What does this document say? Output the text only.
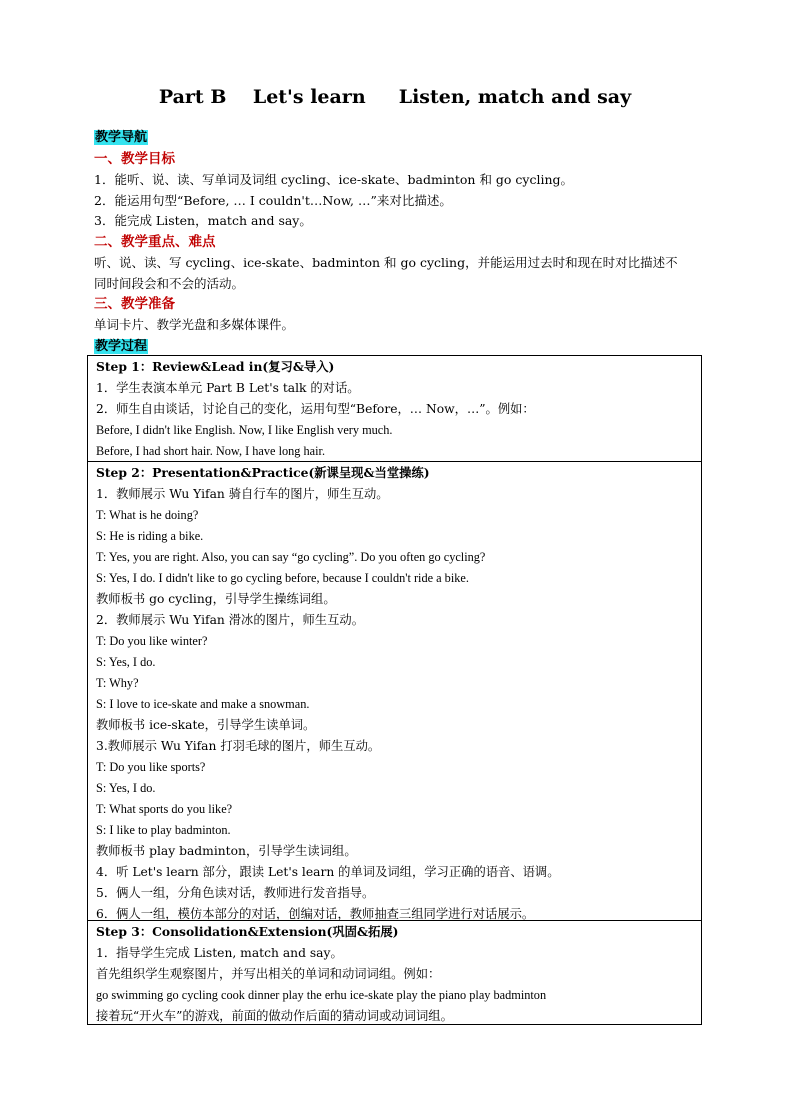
Part B    Let's learn     Listen, match and say
教学导航
一、教学目标
1．能听、说、读、写单词及词组 cycling、ice-skate、badminton 和 go cycling。
2．能运用句型“Before, … I couldn't…Now, …”来对比描述。
3．能完成 Listen，match and say。
二、教学重点、难点
听、说、读、写 cycling、ice-skate、badminton 和 go cycling，并能运用过去时和现在时对比描述不
同时间段会和不会的活动。
三、教学准备
单词卡片、教学光盘和多媒体课件。
教学过程
Step 1：Review&Lead in(复习&导入)
1．学生表演本单元 Part B Let's talk 的对话。
2．师生自由谈话，讨论自己的变化，运用句型“Before，… Now，…”。例如：
Before, I didn't like English. Now, I like English very much.
Before, I had short hair. Now, I have long hair.
Step 2：Presentation&Practice(新课呈现&当堂操练)
1．教师展示 Wu Yifan 骑自行车的图片，师生互动。
T: What is he doing?
S: He is riding a bike.
T: Yes, you are right. Also, you can say “go cycling”. Do you often go cycling?
S: Yes, I do. I didn't like to go cycling before, because I couldn't ride a bike.
教师板书 go cycling，引导学生操练词组。
2．教师展示 Wu Yifan 滑冰的图片，师生互动。
T: Do you like winter?
S: Yes, I do.
T: Why?
S: I love to ice-skate and make a snowman.
教师板书 ice-skate，引导学生读单词。
3.教师展示 Wu Yifan 打羽毛球的图片，师生互动。
T: Do you like sports?
S: Yes, I do.
T: What sports do you like?
S: I like to play badminton.
教师板书 play badminton，引导学生读词组。
4．听 Let's learn 部分，跟读 Let's learn 的单词及词组，学习正确的语音、语调。
5．俩人一组，分角色读对话，教师进行发音指导。
6．俩人一组，模仿本部分的对话，创编对话，教师抽查三组同学进行对话展示。
Step 3：Consolidation&Extension(巩固&拓展)
1．指导学生完成 Listen, match and say。
首先组织学生观察图片，并写出相关的单词和动词词组。例如：
go swimming go cycling cook dinner play the erhu ice-skate play the piano play badminton
接着玩“开火车”的游戏，前面的做动作后面的猜动词或动词词组。
